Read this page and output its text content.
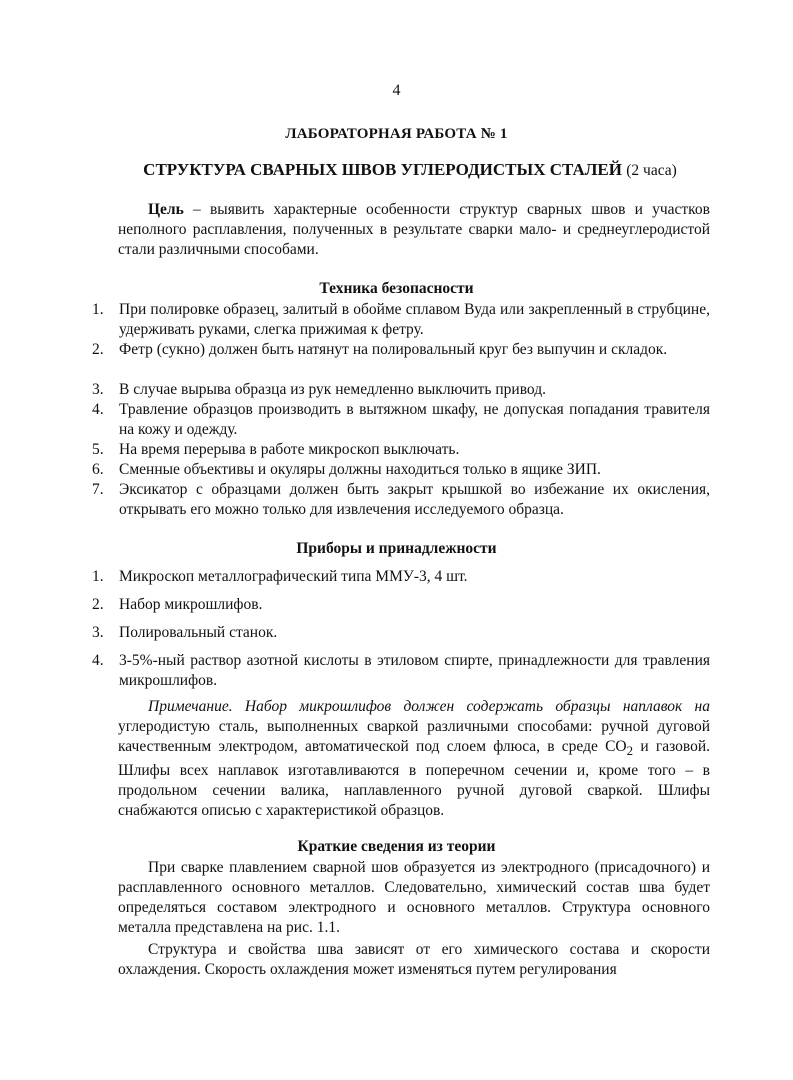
4
ЛАБОРАТОРНАЯ РАБОТА № 1
СТРУКТУРА СВАРНЫХ ШВОВ УГЛЕРОДИСТЫХ СТАЛЕЙ (2 часа)
Цель – выявить характерные особенности структур сварных швов и участков неполного расплавления, полученных в результате сварки мало- и среднеуглеродистой стали различными способами.
Техника безопасности
1. При полировке образец, залитый в обойме сплавом Вуда или закрепленный в струбцине, удерживать руками, слегка прижимая к фетру.
2. Фетр (сукно) должен быть натянут на полировальный круг без выпучин и складок.
3. В случае вырыва образца из рук немедленно выключить привод.
4. Травление образцов производить в вытяжном шкафу, не допуская попадания травителя на кожу и одежду.
5. На время перерыва в работе микроскоп выключать.
6. Сменные объективы и окуляры должны находиться только в ящике ЗИП.
7. Эксикатор с образцами должен быть закрыт крышкой во избежание их окисления, открывать его можно только для извлечения исследуемого образца.
Приборы и принадлежности
1. Микроскоп металлографический типа ММУ-3, 4 шт.
2. Набор микрошлифов.
3. Полировальный станок.
4. 3-5%-ный раствор азотной кислоты в этиловом спирте, принадлежности для травления микрошлифов.
Примечание. Набор микрошлифов должен содержать образцы наплавок на углеродистую сталь, выполненных сваркой различными способами: ручной дуговой качественным электродом, автоматической под слоем флюса, в среде $CO_2$ и газовой. Шлифы всех наплавок изготавливаются в поперечном сечении и, кроме того – в продольном сечении валика, наплавленного ручной дуговой сваркой. Шлифы снабжаются описью с характеристикой образцов.
Краткие сведения из теории
При сварке плавлением сварной шов образуется из электродного (присадочного) и расплавленного основного металлов. Следовательно, химический состав шва будет определяться составом электродного и основного металлов. Структура основного металла представлена на рис. 1.1.
Структура и свойства шва зависят от его химического состава и скорости охлаждения. Скорость охлаждения может изменяться путем регулирования
